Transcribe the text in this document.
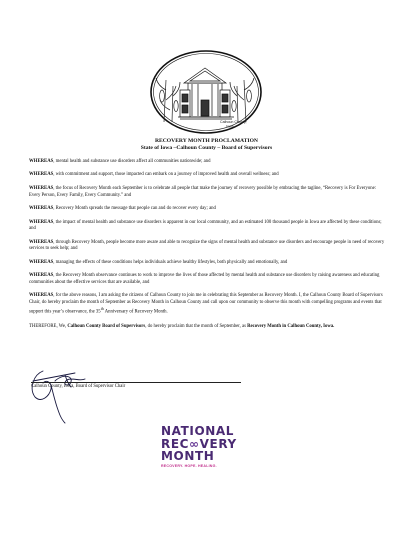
Calhoun County,
Iowa
RECOVERY MONTH PROCLAMATION
State of Iowa –Calhoun County – Board of Supervisors

WHEREAS, mental health and substance use disorders affect all communities nationwide; and

WHEREAS, with commitment and support, those impacted can embark on a journey of improved health and overall wellness; and

WHEREAS, the focus of Recovery Month each September is to celebrate all people that make the journey of recovery possible by embracing the tagline, “Recovery is For Everyone: Every Person, Every Family, Every Community.” and

WHEREAS, Recovery Month spreads the message that people can and do recover every day; and

WHEREAS, the impact of mental health and substance use disorders is apparent in our local community, and an estimated 100 thousand people in Iowa are affected by these conditions; and

WHEREAS, through Recovery Month, people become more aware and able to recognize the signs of mental health and substance use disorders and encourage people in need of recovery services to seek help; and

WHEREAS, managing the effects of these conditions helps individuals achieve healthy lifestyles, both physically and emotionally, and

WHEREAS, the Recovery Month observance continues to work to improve the lives of those affected by mental health and substance use disorders by raising awareness and educating communities about the effective services that are available, and

WHEREAS, for the above reasons, I am asking the citizens of Calhoun County to join me in celebrating this September as Recovery Month. I, the Calhoun County Board of Supervisors Chair, do hereby proclaim the month of September as Recovery Month in Calhoun County and call upon our community to observe this month with compelling programs and events that support this year’s observance, the 35th Anniversary of Recovery Month.

THEREFORE, We, Calhoun County Board of Supervisors, do hereby proclaim that the month of September, as Recovery Month in Calhoun County, Iowa.

Calhoun County, Iowa, Board of Supervisor Chair
NATIONAL
REC∞VERY
MONTH
RECOVERY. HOPE. HEALING.
